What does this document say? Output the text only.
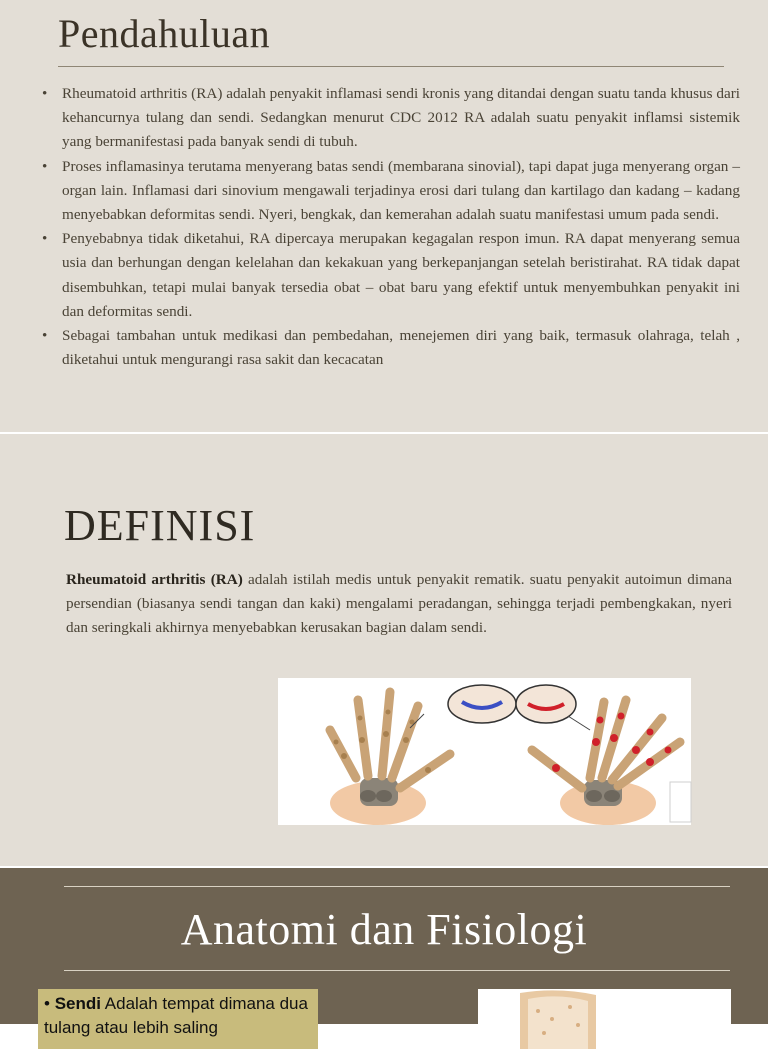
Pendahuluan
• Rheumatoid arthritis (RA) adalah penyakit inflamasi sendi kronis yang ditandai dengan suatu tanda khusus dari kehancurnya tulang dan sendi. Sedangkan menurut CDC 2012 RA adalah suatu penyakit inflamsi sistemik yang bermanifestasi pada banyak sendi di tubuh.
• Proses inflamasinya terutama menyerang batas sendi (membarana sinovial), tapi dapat juga menyerang organ – organ lain. Inflamasi dari sinovium mengawali terjadinya erosi dari tulang dan kartilago dan kadang – kadang menyebabkan deformitas sendi. Nyeri, bengkak, dan kemerahan adalah suatu manifestasi umum pada sendi.
• Penyebabnya tidak diketahui, RA dipercaya merupakan kegagalan respon imun. RA dapat menyerang semua usia dan berhungan dengan kelelahan dan kekakuan yang berkepanjangan setelah beristirahat. RA tidak dapat disembuhkan, tetapi mulai banyak tersedia obat – obat baru yang efektif untuk menyembuhkan penyakit ini dan deformitas sendi.
• Sebagai tambahan untuk medikasi dan pembedahan, menejemen diri yang baik, termasuk olahraga, telah , diketahui untuk mengurangi rasa sakit dan kecacatan
DEFINISI

Rheumatoid arthritis (RA) adalah istilah medis untuk penyakit rematik. suatu penyakit autoimun dimana persendian (biasanya sendi tangan dan kaki) mengalami peradangan, sehingga terjadi pembengkakan, nyeri dan seringkali akhirnya menyebabkan kerusakan bagian dalam sendi.

Anatomi dan Fisiologi
• Sendi Adalah tempat dimana dua tulang atau lebih saling
